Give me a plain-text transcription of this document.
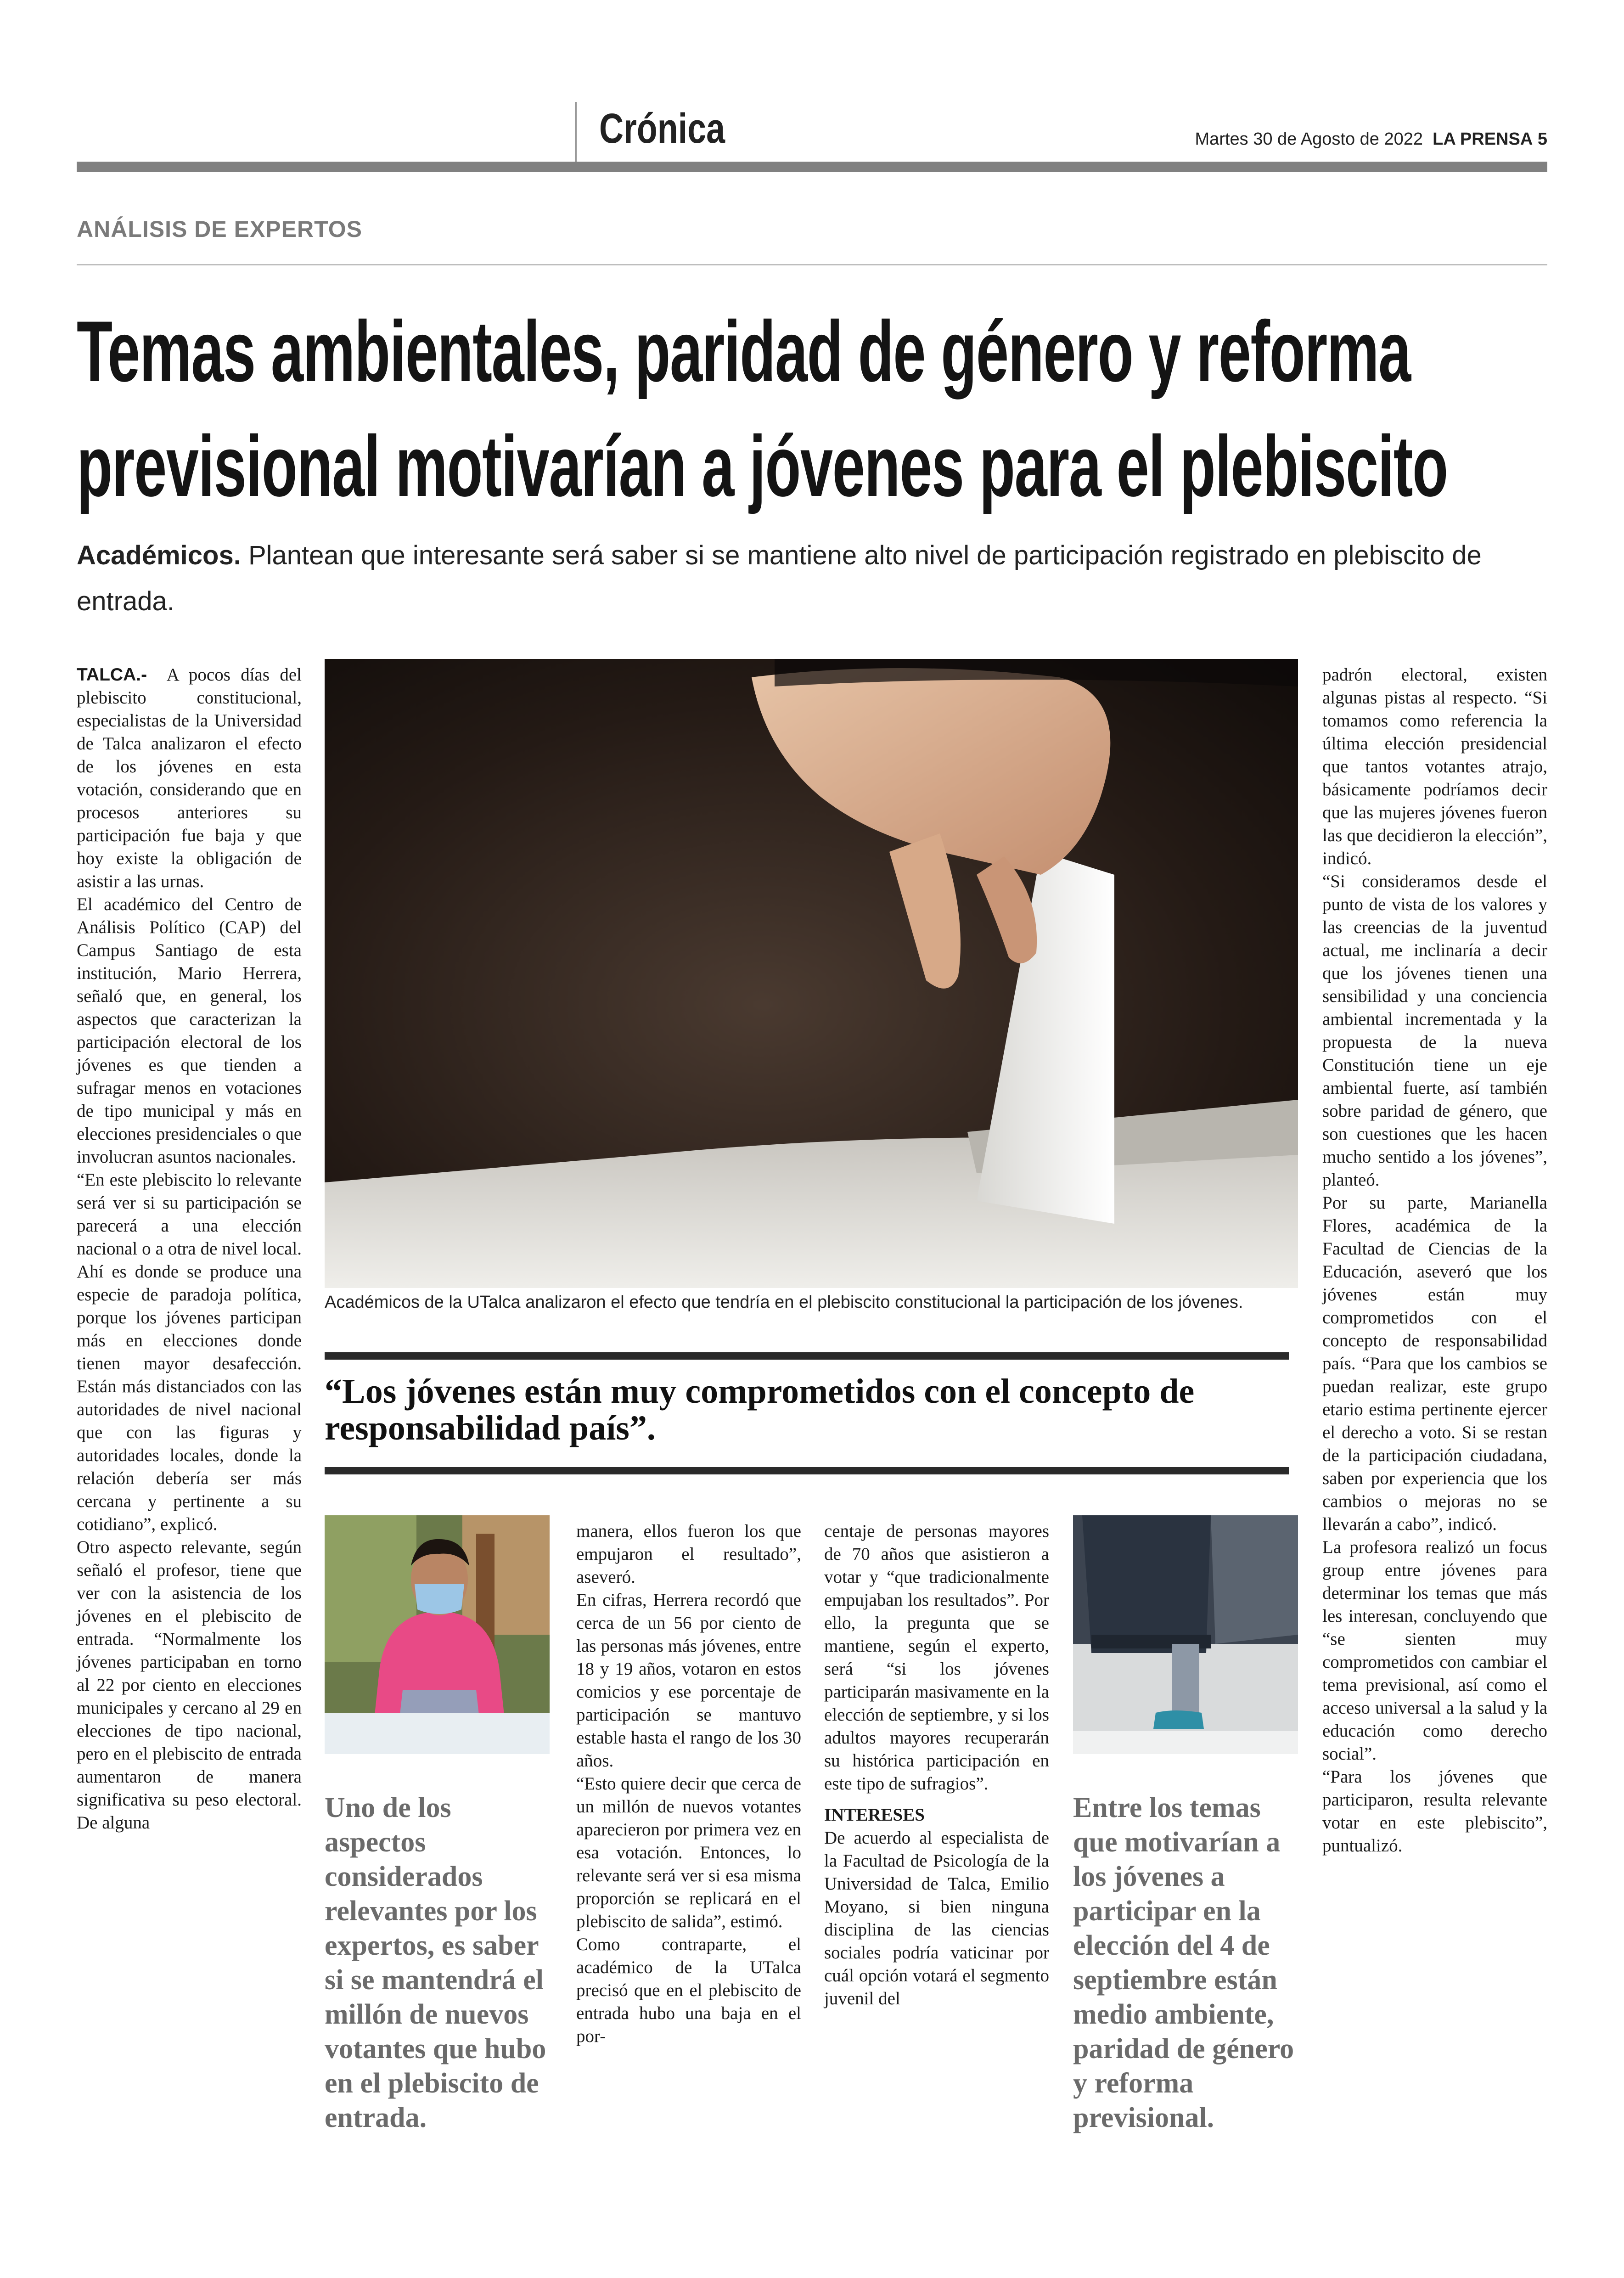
Crónica	Martes 30 de Agosto de 2022 LA PRENSA 5
ANÁLISIS DE EXPERTOS
Temas ambientales, paridad de género y reforma
previsional motivarían a jóvenes para el plebiscito
Académicos. Plantean que interesante será saber si se mantiene alto nivel de participación registrado en plebiscito de entrada.

TALCA.- A pocos días del plebiscito constitucional, especialistas de la Universidad de Talca analizaron el efecto de los jóvenes en esta votación, considerando que en procesos anteriores su participación fue baja y que hoy existe la obligación de asistir a las urnas.

El académico del Centro de Análisis Político (CAP) del Campus Santiago de esta institución, Mario Herrera, señaló que, en general, los aspectos que caracterizan la participación electoral de los jóvenes es que tienden a sufragar menos en votaciones de tipo municipal y más en elecciones presidenciales o que involucran asuntos nacionales.

“En este plebiscito lo relevante será ver si su participación se parecerá a una elección nacional o a otra de nivel local. Ahí es donde se produce una especie de paradoja política, porque los jóvenes participan más en elecciones donde tienen mayor desafección. Están más distanciados con las autoridades de nivel nacional que con las figuras y autoridades locales, donde la relación debería ser más cercana y pertinente a su cotidiano”, explicó.

Otro aspecto relevante, según señaló el profesor, tiene que ver con la asistencia de los jóvenes en el plebiscito de entrada. “Normalmente los jóvenes participaban en torno al 22 por ciento en elecciones municipales y cercano al 29 en elecciones de tipo nacional, pero en el plebiscito de entrada aumentaron de manera significativa su peso electoral. De alguna

Académicos de la UTalca analizaron el efecto que tendría en el plebiscito constitucional la participación de los jóvenes.
“Los jóvenes están muy comprometidos con el concepto de responsabilidad país”.
Uno de los aspectos considerados relevantes por los expertos, es saber si se mantendrá el millón de nuevos votantes que hubo en el plebiscito de entrada.

manera, ellos fueron los que empujaron el resultado”, aseveró.

En cifras, Herrera recordó que cerca de un 56 por ciento de las personas más jóvenes, entre 18 y 19 años, votaron en estos comicios y ese porcentaje de participación se mantuvo estable hasta el rango de los 30 años.

“Esto quiere decir que cerca de un millón de nuevos votantes aparecieron por primera vez en esa votación. Entonces, lo relevante será ver si esa misma proporción se replicará en el plebiscito de salida”, estimó.

Como contraparte, el académico de la UTalca precisó que en el plebiscito de entrada hubo una baja en el por-

centaje de personas mayores de 70 años que asistieron a votar y “que tradicionalmente empujaban los resultados”. Por ello, la pregunta que se mantiene, según el experto, será “si los jóvenes participarán masivamente en la elección de septiembre, y si los adultos mayores recuperarán su histórica participación en este tipo de sufragios”.

INTERESES

De acuerdo al especialista de la Facultad de Psicología de la Universidad de Talca, Emilio Moyano, si bien ninguna disciplina de las ciencias sociales podría vaticinar por cuál opción votará el segmento juvenil del

Entre los temas que motivarían a los jóvenes a participar en la elección del 4 de septiembre están medio ambiente, paridad de género y reforma previsional.

padrón electoral, existen algunas pistas al respecto. “Si tomamos como referencia la última elección presidencial que tantos votantes atrajo, básicamente podríamos decir que las mujeres jóvenes fueron las que decidieron la elección”, indicó.

“Si consideramos desde el punto de vista de los valores y las creencias de la juventud actual, me inclinaría a decir que los jóvenes tienen una sensibilidad y una conciencia ambiental incrementada y la propuesta de la nueva Constitución tiene un eje ambiental fuerte, así también sobre paridad de género, que son cuestiones que les hacen mucho sentido a los jóvenes”, planteó.

Por su parte, Marianella Flores, académica de la Facultad de Ciencias de la Educación, aseveró que los jóvenes están muy comprometidos con el concepto de responsabilidad país. “Para que los cambios se puedan realizar, este grupo etario estima pertinente ejercer el derecho a voto. Si se restan de la participación ciudadana, saben por experiencia que los cambios o mejoras no se llevarán a cabo”, indicó.

La profesora realizó un focus group entre jóvenes para determinar los temas que más les interesan, concluyendo que “se sienten muy comprometidos con cambiar el tema previsional, así como el acceso universal a la salud y la educación como derecho social”.

“Para los jóvenes que participaron, resulta relevante votar en este plebiscito”, puntualizó.
